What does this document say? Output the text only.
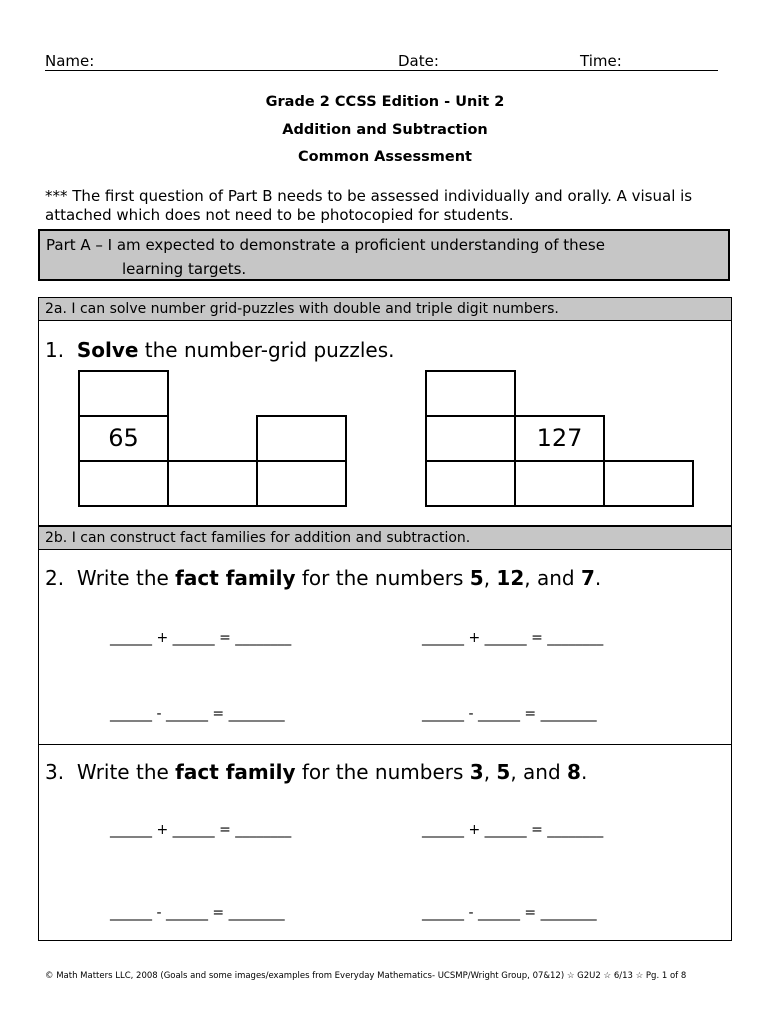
Name:	Date:	Time:
Grade 2 CCSS Edition - Unit 2
Addition and Subtraction
Common Assessment
*** The first question of Part B needs to be assessed individually and orally. A visual is attached which does not need to be photocopied for students.
Part A – I am expected to demonstrate a proficient understanding of these
learning targets.
2a. I can solve number grid-puzzles with double and triple digit numbers.
1. Solve the number-grid puzzles.
65	127
2b. I can construct fact families for addition and subtraction.
2. Write the fact family for the numbers 5, 12, and 7.
______ + ______ = ________	______ + ______ = ________
______ - ______ = ________	______ - ______ = ________
3. Write the fact family for the numbers 3, 5, and 8.
______ + ______ = ________	______ + ______ = ________
______ - ______ = ________	______ - ______ = ________
© Math Matters LLC, 2008 (Goals and some images/examples from Everyday Mathematics- UCSMP/Wright Group, 07&12) ☆ G2U2 ☆ 6/13 ☆ Pg. 1 of 8
